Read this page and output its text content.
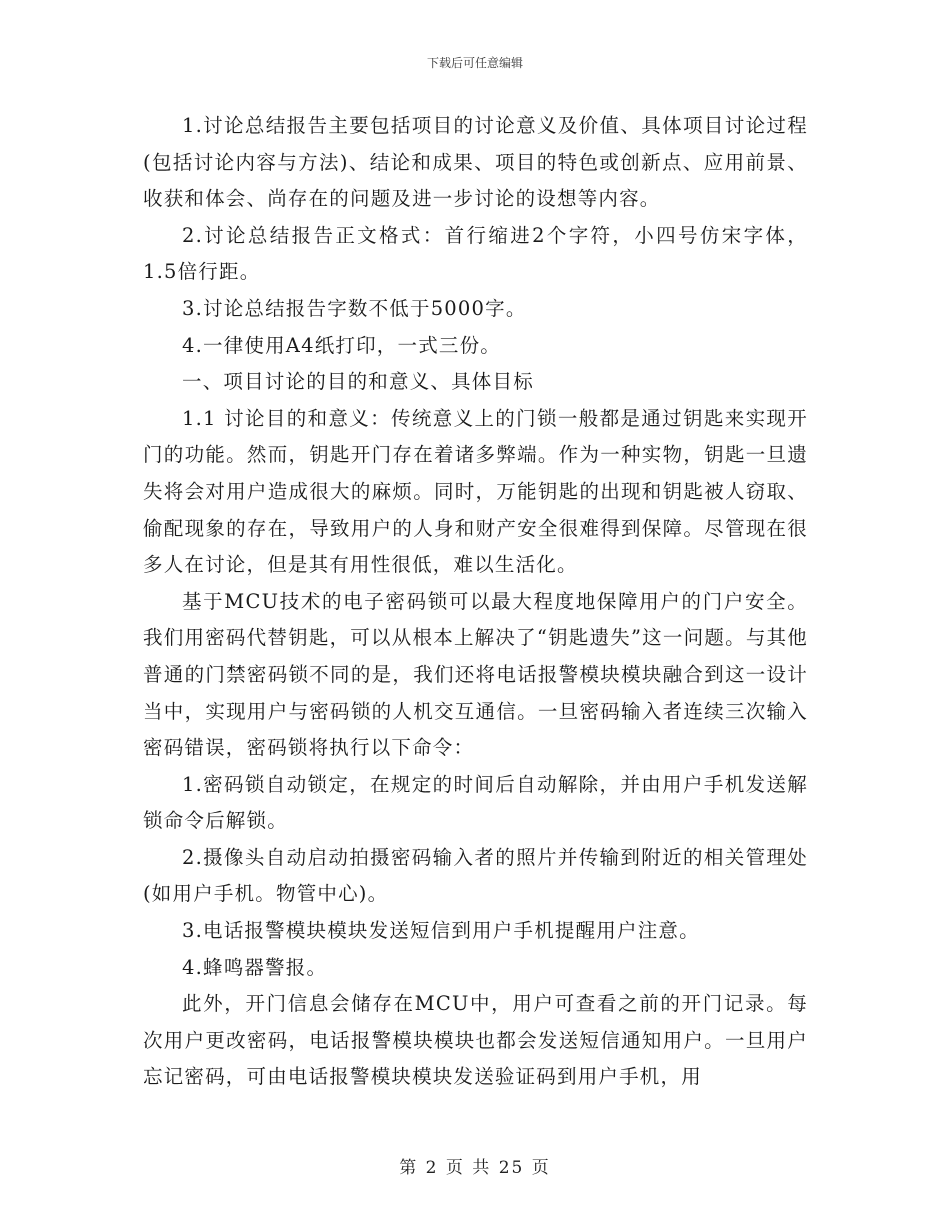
下载后可任意编辑

1.讨论总结报告主要包括项目的讨论意义及价值、具体项目讨论过程(包括讨论内容与方法)、结论和成果、项目的特色或创新点、应用前景、收获和体会、尚存在的问题及进一步讨论的设想等内容。

2.讨论总结报告正文格式：首行缩进2个字符，小四号仿宋字体，1.5倍行距。

3.讨论总结报告字数不低于5000字。

4.一律使用A4纸打印，一式三份。

一、项目讨论的目的和意义、具体目标

1.1 讨论目的和意义：传统意义上的门锁一般都是通过钥匙来实现开门的功能。然而，钥匙开门存在着诸多弊端。作为一种实物，钥匙一旦遗失将会对用户造成很大的麻烦。同时，万能钥匙的出现和钥匙被人窃取、偷配现象的存在，导致用户的人身和财产安全很难得到保障。尽管现在很多人在讨论，但是其有用性很低，难以生活化。

基于MCU技术的电子密码锁可以最大程度地保障用户的门户安全。我们用密码代替钥匙，可以从根本上解决了“钥匙遗失”这一问题。与其他普通的门禁密码锁不同的是，我们还将电话报警模块模块融合到这一设计当中，实现用户与密码锁的人机交互通信。一旦密码输入者连续三次输入密码错误，密码锁将执行以下命令：

1.密码锁自动锁定，在规定的时间后自动解除，并由用户手机发送解锁命令后解锁。

2.摄像头自动启动拍摄密码输入者的照片并传输到附近的相关管理处(如用户手机。物管中心)。

3.电话报警模块模块发送短信到用户手机提醒用户注意。

4.蜂鸣器警报。

此外，开门信息会储存在MCU中，用户可查看之前的开门记录。每次用户更改密码，电话报警模块模块也都会发送短信通知用户。一旦用户忘记密码，可由电话报警模块模块发送验证码到用户手机，用

第 2 页 共 25 页
